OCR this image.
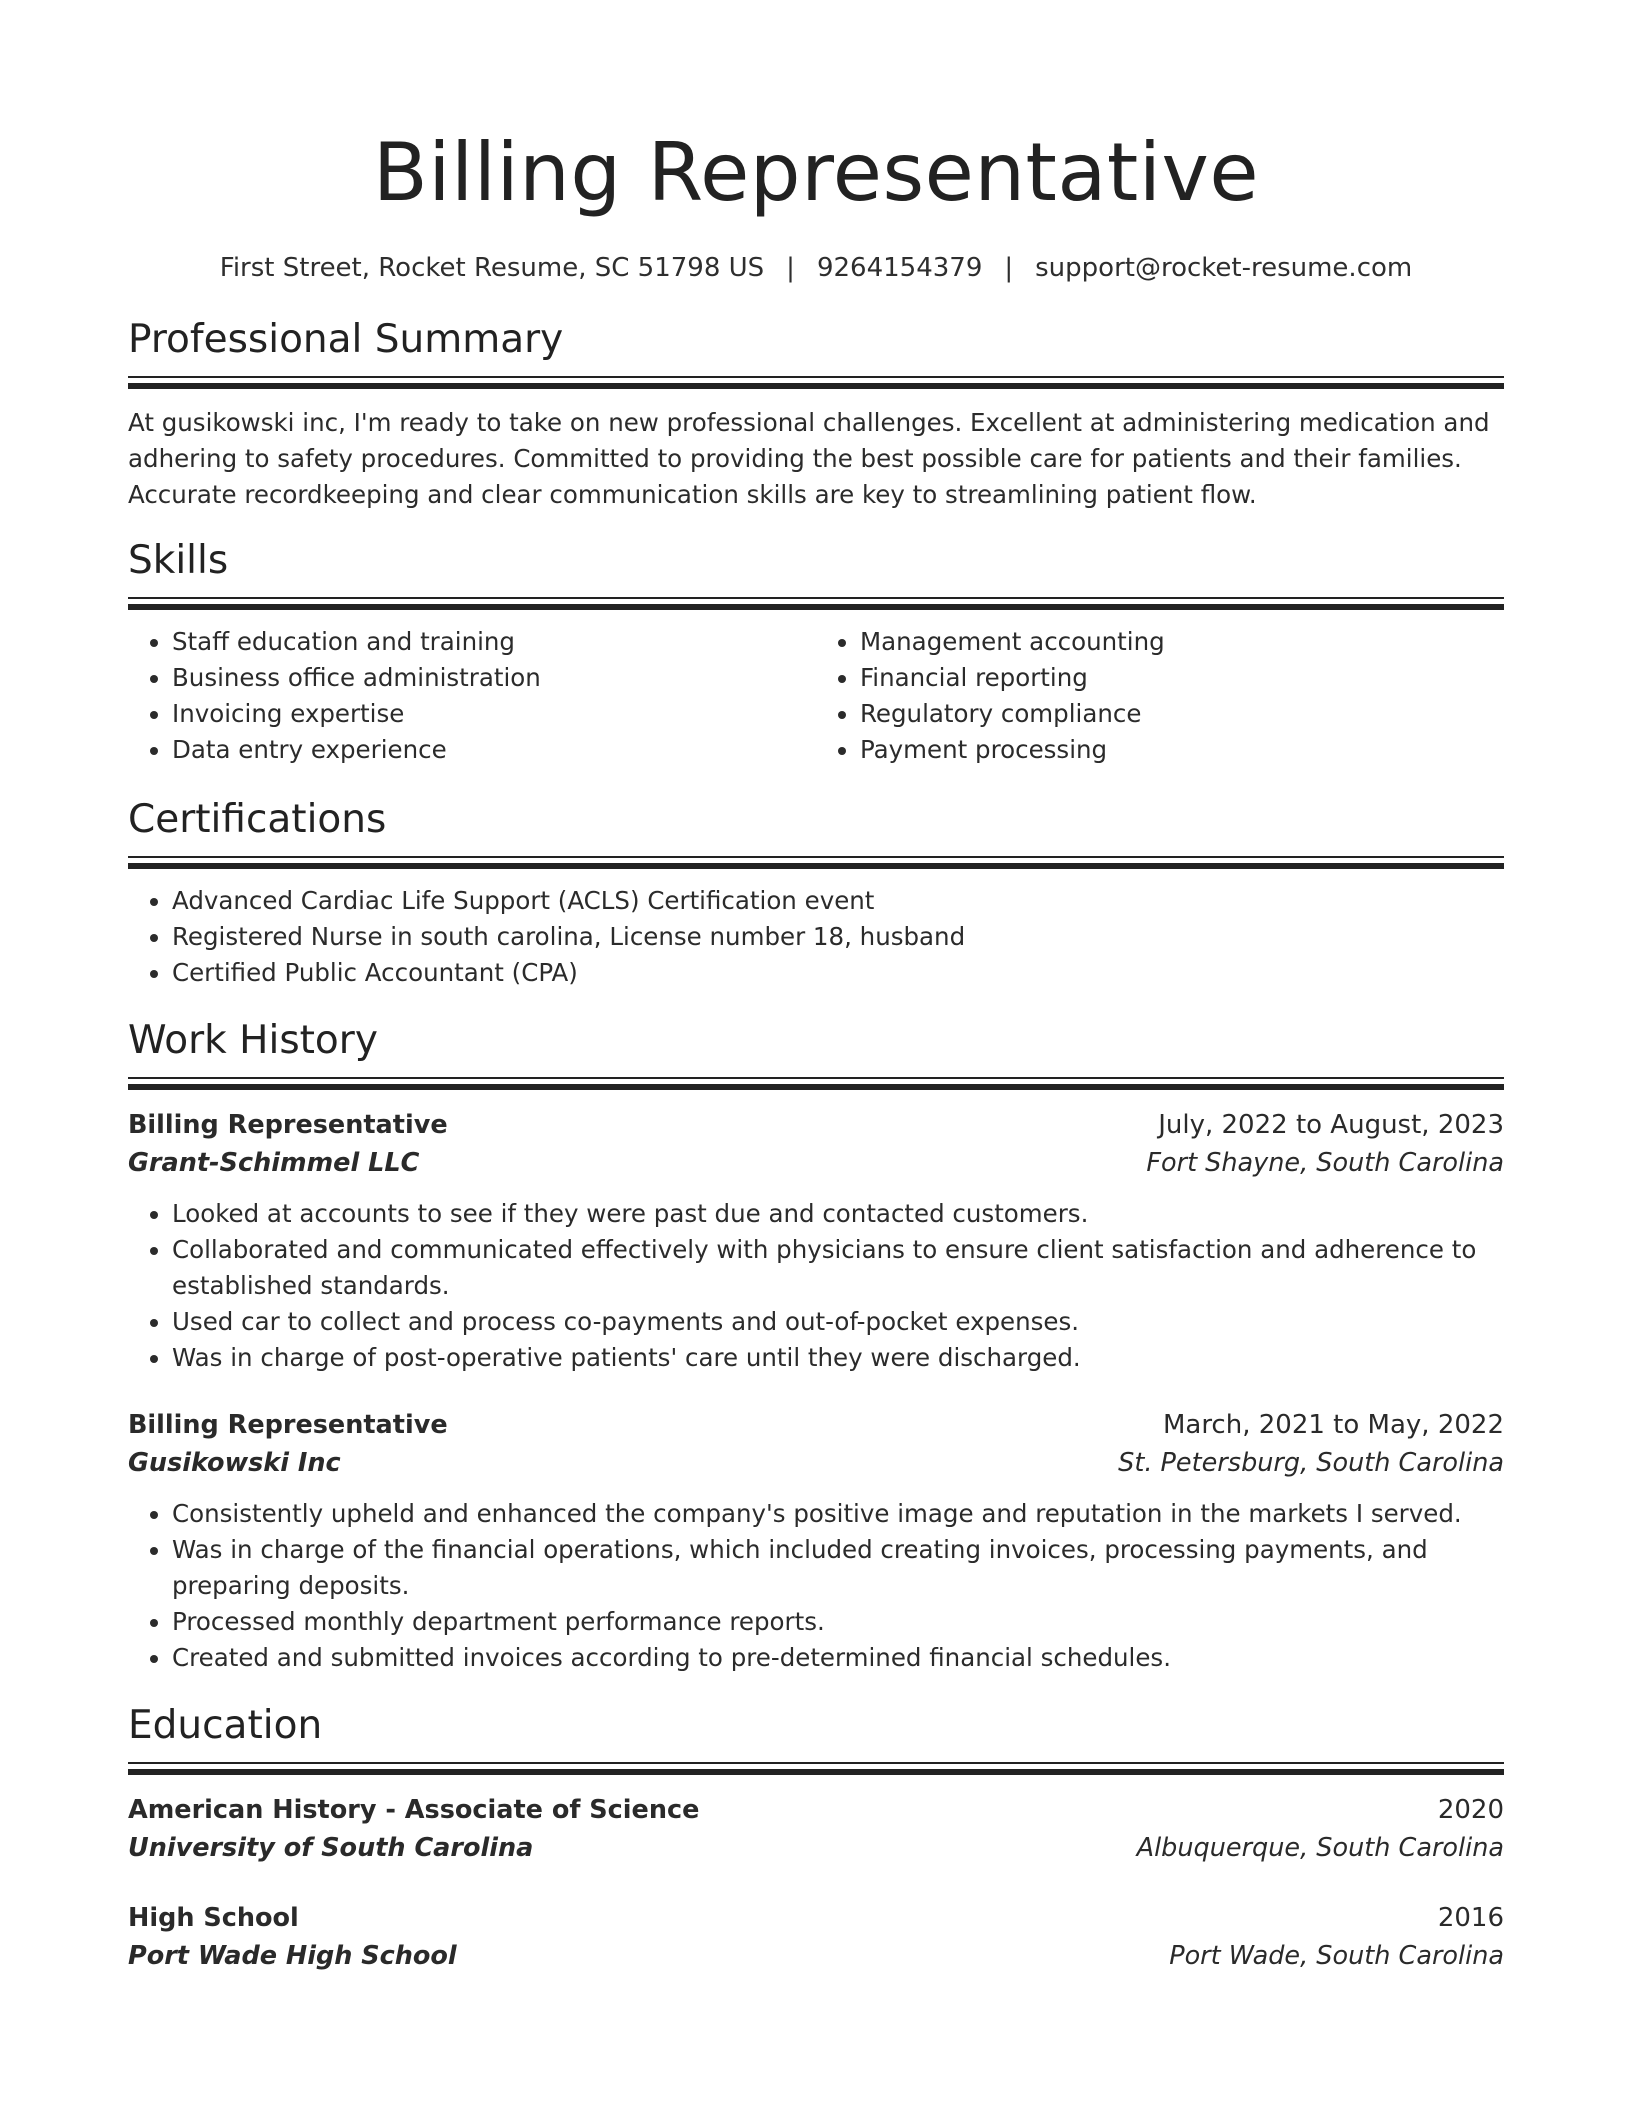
Billing Representative
First Street, Rocket Resume, SC 51798 US | 9264154379 | support@rocket-resume.com
Professional Summary

At gusikowski inc, I'm ready to take on new professional challenges. Excellent at administering medication and adhering to safety procedures. Committed to providing the best possible care for patients and their families. Accurate recordkeeping and clear communication skills are key to streamlining patient flow.

Skills
• Staff education and training
• Business office administration
• Invoicing expertise
• Data entry experience
• Management accounting
• Financial reporting
• Regulatory compliance
• Payment processing
Certifications
• Advanced Cardiac Life Support (ACLS) Certification event
• Registered Nurse in south carolina, License number 18, husband
• Certified Public Accountant (CPA)
Work History
Billing Representative	July, 2022 to August, 2023
Grant-Schimmel LLC	Fort Shayne, South Carolina
• Looked at accounts to see if they were past due and contacted customers.
• Collaborated and communicated effectively with physicians to ensure client satisfaction and adherence to established standards.
• Used car to collect and process co-payments and out-of-pocket expenses.
• Was in charge of post-operative patients' care until they were discharged.
Billing Representative	March, 2021 to May, 2022
Gusikowski Inc	St. Petersburg, South Carolina
• Consistently upheld and enhanced the company's positive image and reputation in the markets I served.
• Was in charge of the financial operations, which included creating invoices, processing payments, and preparing deposits.
• Processed monthly department performance reports.
• Created and submitted invoices according to pre-determined financial schedules.
Education
American History - Associate of Science	2020
University of South Carolina	Albuquerque, South Carolina
High School	2016
Port Wade High School	Port Wade, South Carolina
